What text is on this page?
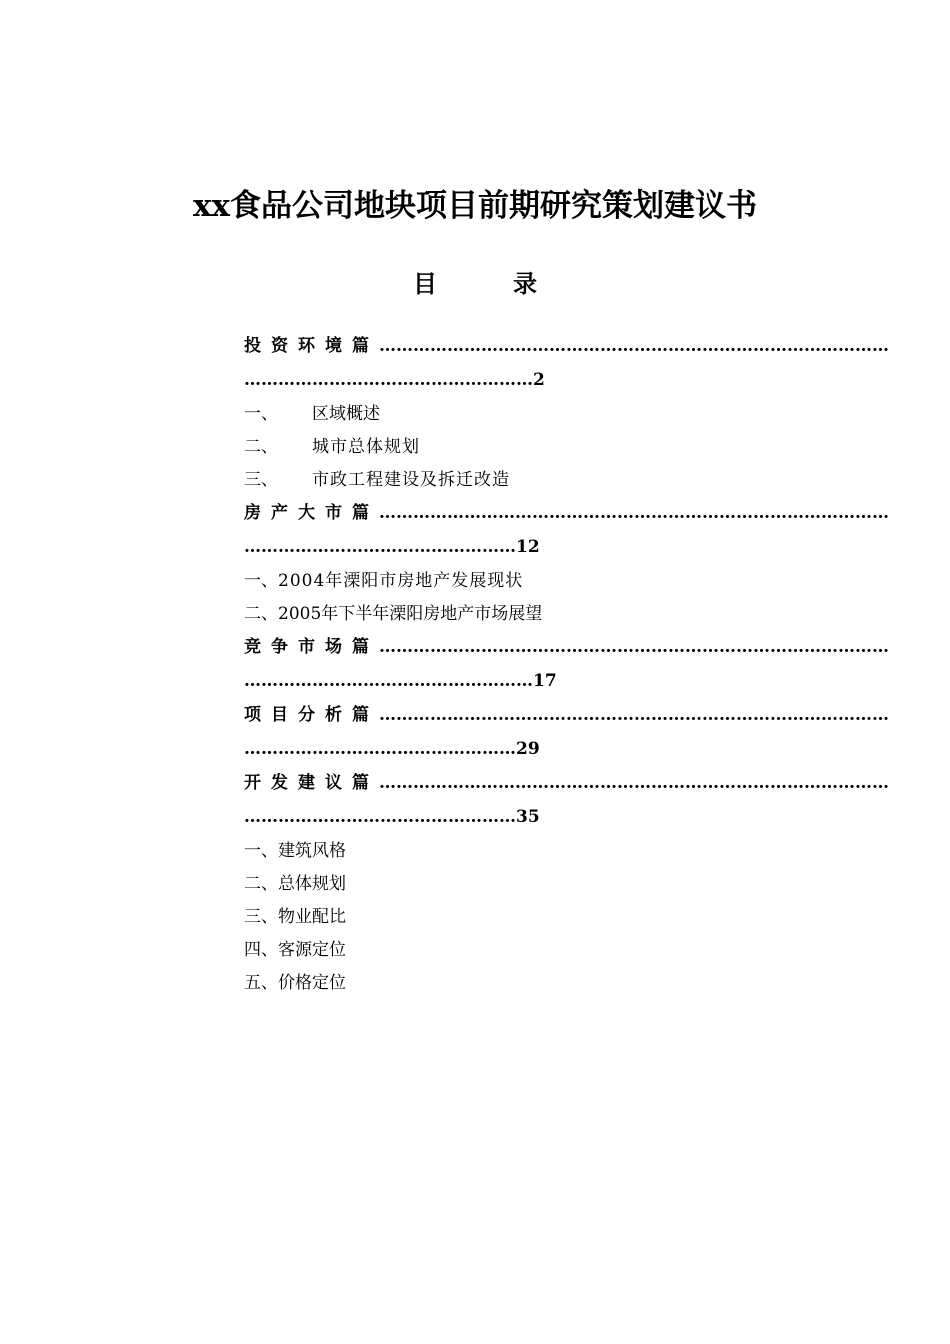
xx食品公司地块项目前期研究策划建议书
目录
投资环境篇………………………………………………………………………………
……………………………………………2
一、 区域概述
二、 城市总体规划
三、 市政工程建设及拆迁改造
房产大市篇………………………………………………………………………………
…………………………………………12
一、2004年溧阳市房地产发展现状
二、2005年下半年溧阳房地产市场展望
竞争市场篇………………………………………………………………………………
……………………………………………17
项目分析篇………………………………………………………………………………
…………………………………………29
开发建议篇………………………………………………………………………………
…………………………………………35
一、建筑风格
二、总体规划
三、物业配比
四、客源定位
五、价格定位
